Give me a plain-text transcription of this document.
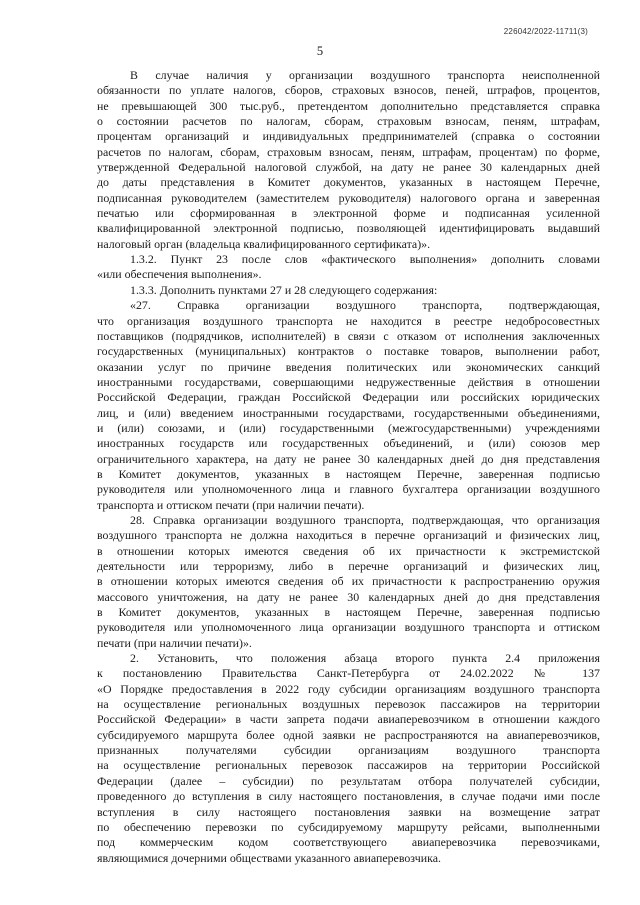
226042/2022-11711(3)
5
В случае наличия у организации воздушного транспорта неисполненной
обязанности по уплате налогов, сборов, страховых взносов, пеней, штрафов, процентов,
не превышающей 300 тыс.руб., претендентом дополнительно представляется справка
о состоянии расчетов по налогам, сборам, страховым взносам, пеням, штрафам,
процентам организаций и индивидуальных предпринимателей (справка о состоянии
расчетов по налогам, сборам, страховым взносам, пеням, штрафам, процентам) по форме,
утвержденной Федеральной налоговой службой, на дату не ранее 30 календарных дней
до даты представления в Комитет документов, указанных в настоящем Перечне,
подписанная руководителем (заместителем руководителя) налогового органа и заверенная
печатью или сформированная в электронной форме и подписанная усиленной
квалифицированной электронной подписью, позволяющей идентифицировать выдавший
налоговый орган (владельца квалифицированного сертификата)».
1.3.2. Пункт 23 после слов «фактического выполнения» дополнить словами
«или обеспечения выполнения».
1.3.3. Дополнить пунктами 27 и 28 следующего содержания:
«27. Справка организации воздушного транспорта, подтверждающая,
что организация воздушного транспорта не находится в реестре недобросовестных
поставщиков (подрядчиков, исполнителей) в связи с отказом от исполнения заключенных
государственных (муниципальных) контрактов о поставке товаров, выполнении работ,
оказании услуг по причине введения политических или экономических санкций
иностранными государствами, совершающими недружественные действия в отношении
Российской Федерации, граждан Российской Федерации или российских юридических
лиц, и (или) введением иностранными государствами, государственными объединениями,
и (или) союзами, и (или) государственными (межгосударственными) учреждениями
иностранных государств или государственных объединений, и (или) союзов мер
ограничительного характера, на дату не ранее 30 календарных дней до дня представления
в Комитет документов, указанных в настоящем Перечне, заверенная подписью
руководителя или уполномоченного лица и главного бухгалтера организации воздушного
транспорта и оттиском печати (при наличии печати).
28. Справка организации воздушного транспорта, подтверждающая, что организация
воздушного транспорта не должна находиться в перечне организаций и физических лиц,
в отношении которых имеются сведения об их причастности к экстремистской
деятельности или терроризму, либо в перечне организаций и физических лиц,
в отношении которых имеются сведения об их причастности к распространению оружия
массового уничтожения, на дату не ранее 30 календарных дней до дня представления
в Комитет документов, указанных в настоящем Перечне, заверенная подписью
руководителя или уполномоченного лица организации воздушного транспорта и оттиском
печати (при наличии печати)».
2. Установить, что положения абзаца второго пункта 2.4 приложения
к постановлению Правительства Санкт-Петербурга от 24.02.2022 № 137
«О Порядке предоставления в 2022 году субсидии организациям воздушного транспорта
на осуществление региональных воздушных перевозок пассажиров на территории
Российской Федерации» в части запрета подачи авиаперевозчиком в отношении каждого
субсидируемого маршрута более одной заявки не распространяются на авиаперевозчиков,
признанных получателями субсидии организациям воздушного транспорта
на осуществление региональных перевозок пассажиров на территории Российской
Федерации (далее – субсидии) по результатам отбора получателей субсидии,
проведенного до вступления в силу настоящего постановления, в случае подачи ими после
вступления в силу настоящего постановления заявки на возмещение затрат
по обеспечению перевозки по субсидируемому маршруту рейсами, выполненными
под коммерческим кодом соответствующего авиаперевозчика перевозчиками,
являющимися дочерними обществами указанного авиаперевозчика.
